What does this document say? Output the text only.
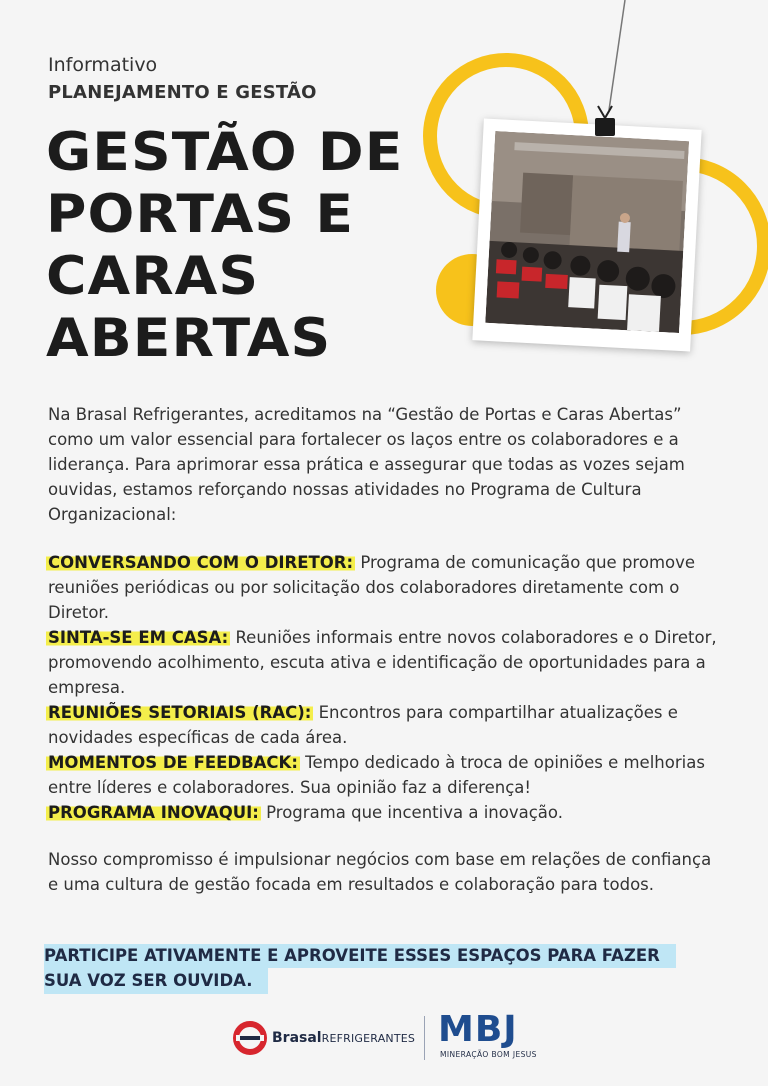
Informativo
PLANEJAMENTO E GESTÃO
GESTÃO DE
PORTAS E
CARAS
ABERTAS
Na Brasal Refrigerantes, acreditamos na “Gestão de Portas e Caras Abertas” como um valor essencial para fortalecer os laços entre os colaboradores e a liderança. Para aprimorar essa prática e assegurar que todas as vozes sejam ouvidas, estamos reforçando nossas atividades no Programa de Cultura Organizacional:

CONVERSANDO COM O DIRETOR: Programa de comunicação que promove reuniões periódicas ou por solicitação dos colaboradores diretamente com o Diretor.

SINTA-SE EM CASA: Reuniões informais entre novos colaboradores e o Diretor, promovendo acolhimento, escuta ativa e identificação de oportunidades para a empresa.

REUNIÕES SETORIAIS (RAC): Encontros para compartilhar atualizações e novidades específicas de cada área.

MOMENTOS DE FEEDBACK: Tempo dedicado à troca de opiniões e melhorias entre líderes e colaboradores. Sua opinião faz a diferença!

PROGRAMA INOVAQUI: Programa que incentiva a inovação.

Nosso compromisso é impulsionar negócios com base em relações de confiança e uma cultura de gestão focada em resultados e colaboração para todos.
PARTICIPE ATIVAMENTE E APROVEITE ESSES ESPAÇOS PARA FAZER SUA VOZ SER OUVIDA.
BrasalREFRIGERANTES MBJ
MINERAÇÃO BOM JESUS
